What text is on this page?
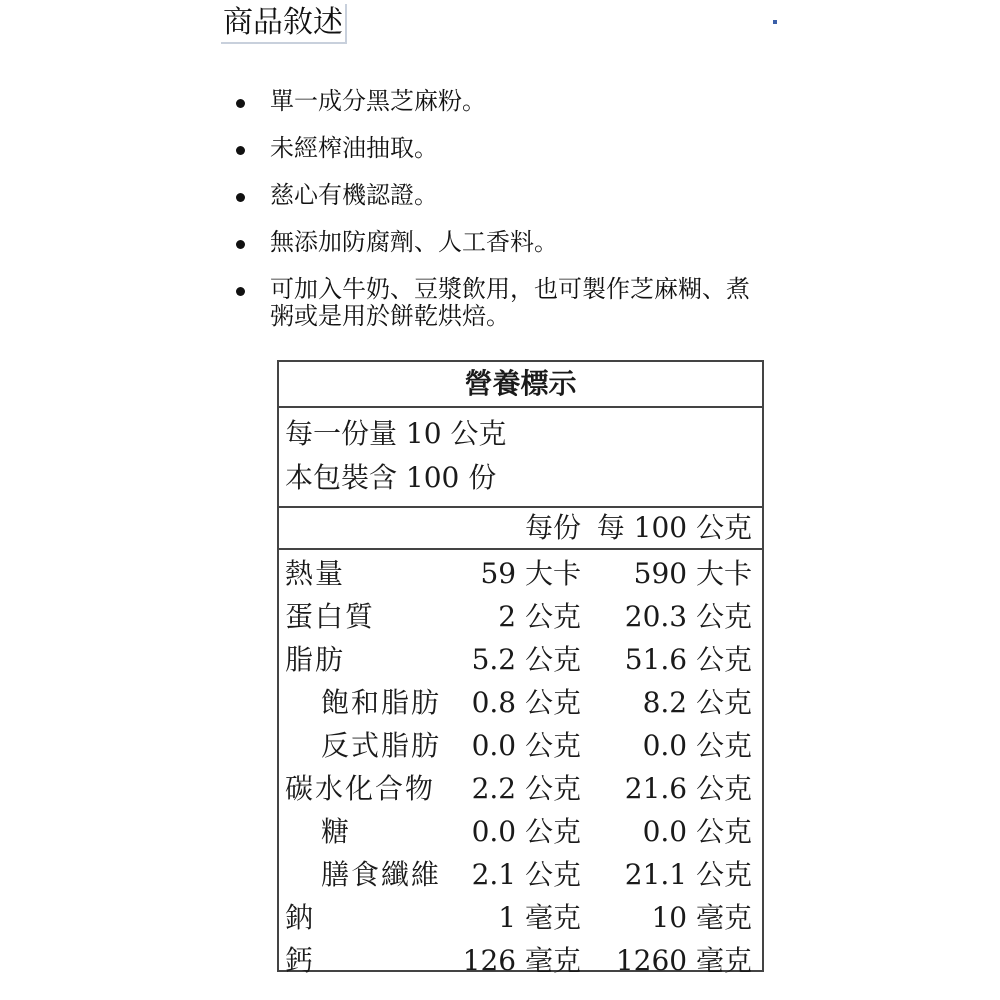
商品敘述
單一成分黑芝麻粉。
未經榨油抽取。
慈心有機認證。
無添加防腐劑、人工香料。
可加入牛奶、豆漿飲用，也可製作芝麻糊、煮粥或是用於餅乾烘焙。
營養標示
每一份量 10 公克
本包裝含 100 份
每份 每 100 公克
熱量	59 大卡	590 大卡
蛋白質	2 公克	20.3 公克
脂肪	5.2 公克	51.6 公克
飽和脂肪	0.8 公克	8.2 公克
反式脂肪	0.0 公克	0.0 公克
碳水化合物	2.2 公克	21.6 公克
糖	0.0 公克	0.0 公克
膳食纖維	2.1 公克	21.1 公克
鈉	1 毫克	10 毫克
鈣	126 毫克	1260 毫克
